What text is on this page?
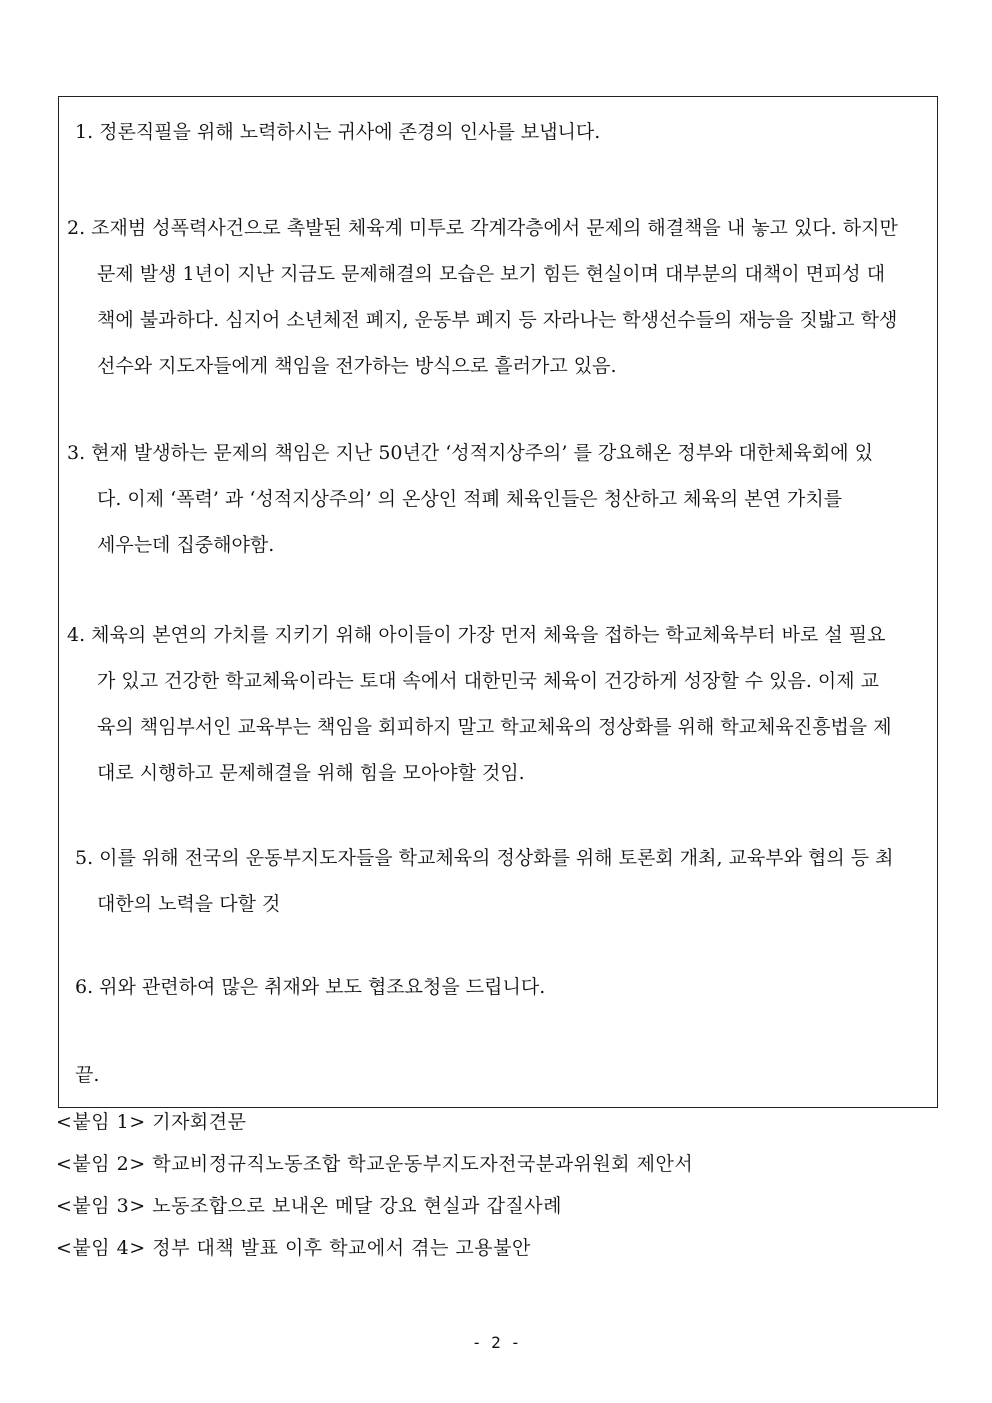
1. 정론직필을 위해 노력하시는 귀사에 존경의 인사를 보냅니다.
2. 조재범 성폭력사건으로 촉발된 체육계 미투로 각계각층에서 문제의 해결책을 내 놓고 있다. 하지만
문제 발생 1년이 지난 지금도 문제해결의 모습은 보기 힘든 현실이며 대부분의 대책이 면피성 대
책에 불과하다. 심지어 소년체전 폐지, 운동부 폐지 등 자라나는 학생선수들의 재능을 짓밟고 학생
선수와 지도자들에게 책임을 전가하는 방식으로 흘러가고 있음.
3. 현재 발생하는 문제의 책임은 지난 50년간 ‘성적지상주의’ 를 강요해온 정부와 대한체육회에 있
다. 이제 ‘폭력’ 과 ‘성적지상주의’ 의 온상인 적폐 체육인들은 청산하고 체육의 본연 가치를
세우는데 집중해야함.
4. 체육의 본연의 가치를 지키기 위해 아이들이 가장 먼저 체육을 접하는 학교체육부터 바로 설 필요
가 있고 건강한 학교체육이라는 토대 속에서 대한민국 체육이 건강하게 성장할 수 있음. 이제 교
육의 책임부서인 교육부는 책임을 회피하지 말고 학교체육의 정상화를 위해 학교체육진흥법을 제
대로 시행하고 문제해결을 위해 힘을 모아야할 것임.
5. 이를 위해 전국의 운동부지도자들을 학교체육의 정상화를 위해 토론회 개최, 교육부와 협의 등 최
대한의 노력을 다할 것
6. 위와 관련하여 많은 취재와 보도 협조요청을 드립니다.
끝.
<붙임 1> 기자회견문
<붙임 2> 학교비정규직노동조합 학교운동부지도자전국분과위원회 제안서
<붙임 3> 노동조합으로 보내온 메달 강요 현실과 갑질사례
<붙임 4> 정부 대책 발표 이후 학교에서 겪는 고용불안
- 2 -
